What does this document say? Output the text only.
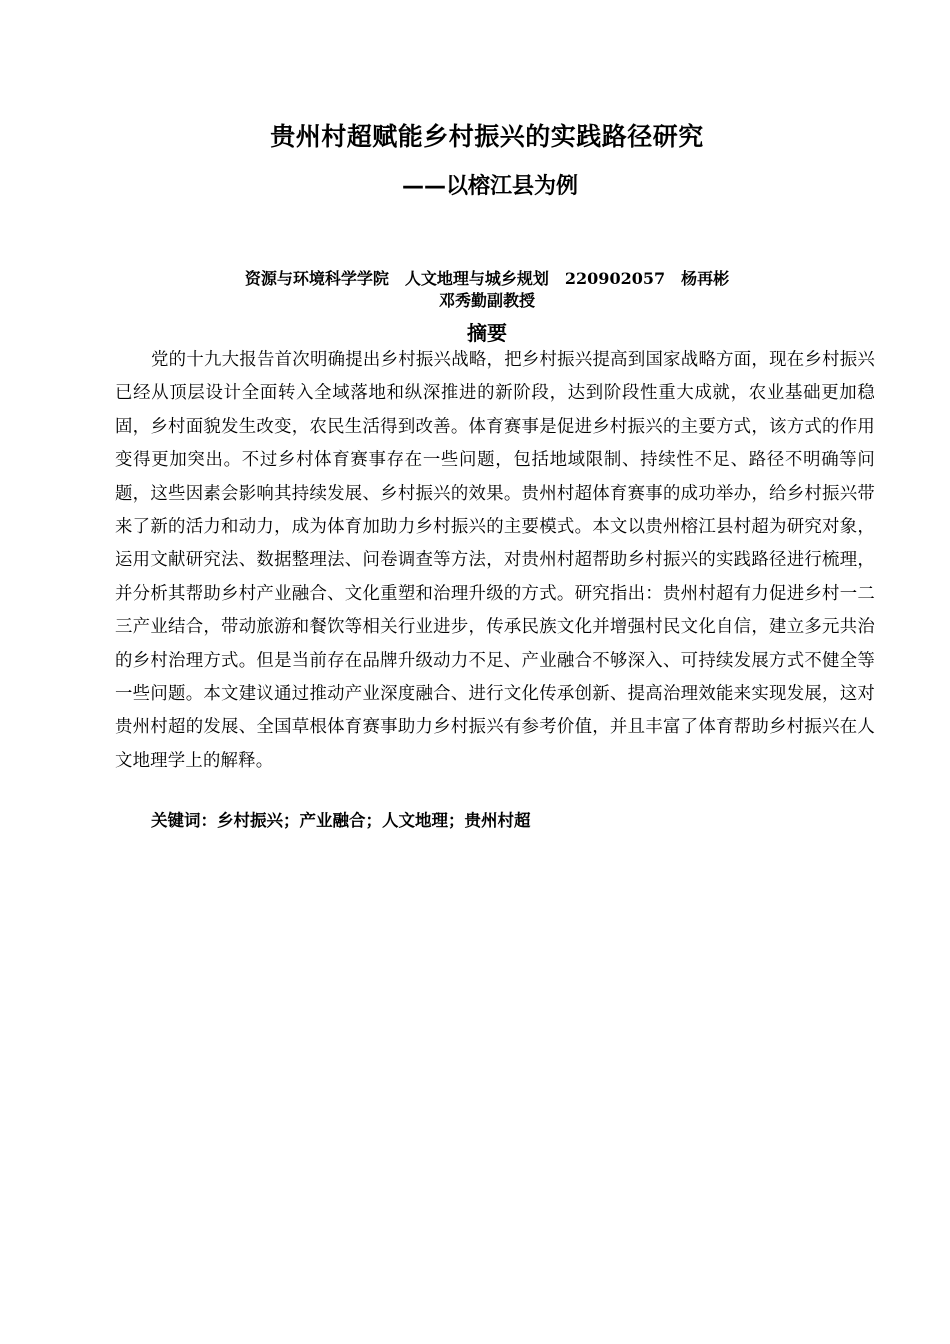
贵州村超赋能乡村振兴的实践路径研究
——以榕江县为例
资源与环境科学学院 人文地理与城乡规划 220902057 杨再彬
邓秀勤副教授
摘要

党的十九大报告首次明确提出乡村振兴战略，把乡村振兴提高到国家战略方面，现在乡村振兴已经从顶层设计全面转入全域落地和纵深推进的新阶段，达到阶段性重大成就，农业基础更加稳固，乡村面貌发生改变，农民生活得到改善。体育赛事是促进乡村振兴的主要方式，该方式的作用变得更加突出。不过乡村体育赛事存在一些问题，包括地域限制、持续性不足、路径不明确等问题，这些因素会影响其持续发展、乡村振兴的效果。贵州村超体育赛事的成功举办，给乡村振兴带来了新的活力和动力，成为体育加助力乡村振兴的主要模式。本文以贵州榕江县村超为研究对象，运用文献研究法、数据整理法、问卷调查等方法，对贵州村超帮助乡村振兴的实践路径进行梳理，并分析其帮助乡村产业融合、文化重塑和治理升级的方式。研究指出：贵州村超有力促进乡村一二三产业结合，带动旅游和餐饮等相关行业进步，传承民族文化并增强村民文化自信，建立多元共治的乡村治理方式。但是当前存在品牌升级动力不足、产业融合不够深入、可持续发展方式不健全等一些问题。本文建议通过推动产业深度融合、进行文化传承创新、提高治理效能来实现发展，这对贵州村超的发展、全国草根体育赛事助力乡村振兴有参考价值，并且丰富了体育帮助乡村振兴在人文地理学上的解释。

关键词：乡村振兴；产业融合；人文地理；贵州村超
